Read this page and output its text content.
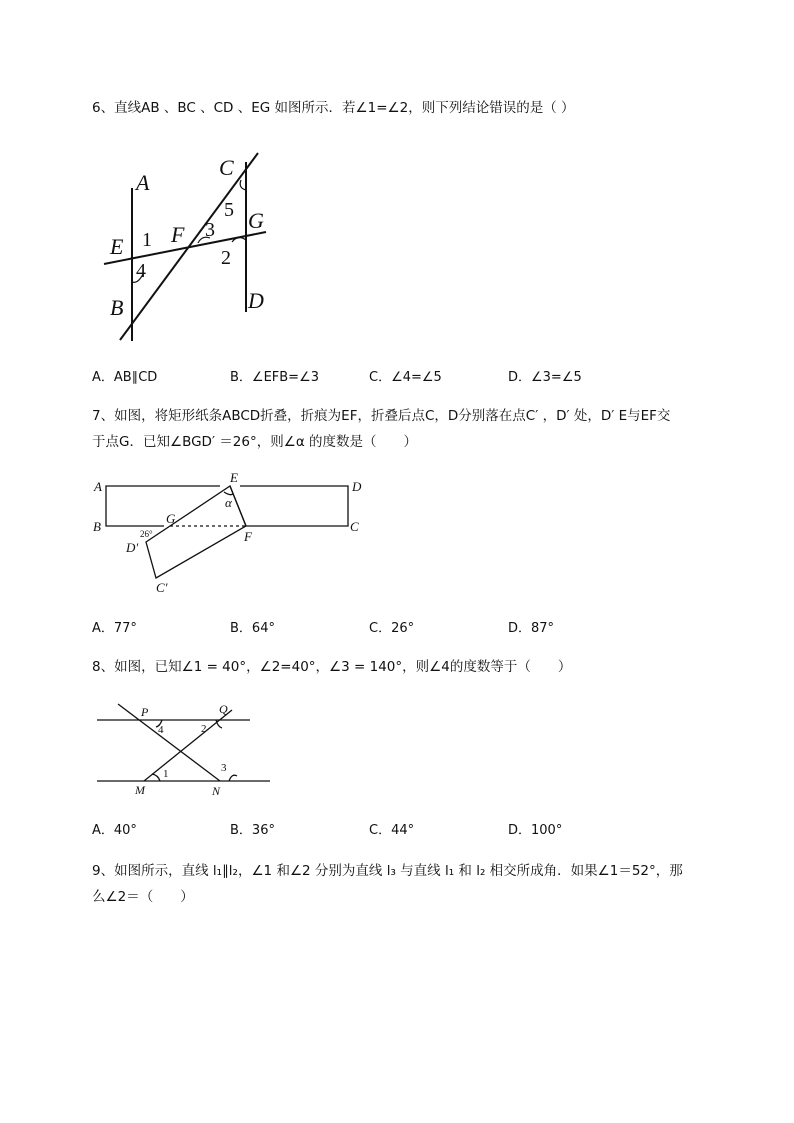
6、直线AB 、BC 、CD 、EG 如图所示．若∠1=∠2，则下列结论错误的是（ ）
A
C
G
E F
B	D
5
1	3
2
4
A．AB∥CD	B．∠EFB=∠3	C．∠4=∠5	D．∠3=∠5
7、如图，将矩形纸条ABCD折叠，折痕为EF，折叠后点C，D分别落在点C′ ，D′ 处，D′ E与EF交
于点G．已知∠BGD′ ＝26°，则∠α 的度数是（　　）
A
E
D
α
B
G
C
D′
F
C′
26°
A．77°	B．64°	C．26°	D．87°
8、如图，已知∠1 = 40°，∠2=40°，∠3 = 140°，则∠4的度数等于（　　）
P	Q
M	N
4	2
1	3
A．40°	B．36°	C．44°	D．100°
9、如图所示，直线 l₁∥l₂，∠1 和∠2 分别为直线 l₃ 与直线 l₁ 和 l₂ 相交所成角．如果∠1＝52°，那
么∠2＝（　　）
